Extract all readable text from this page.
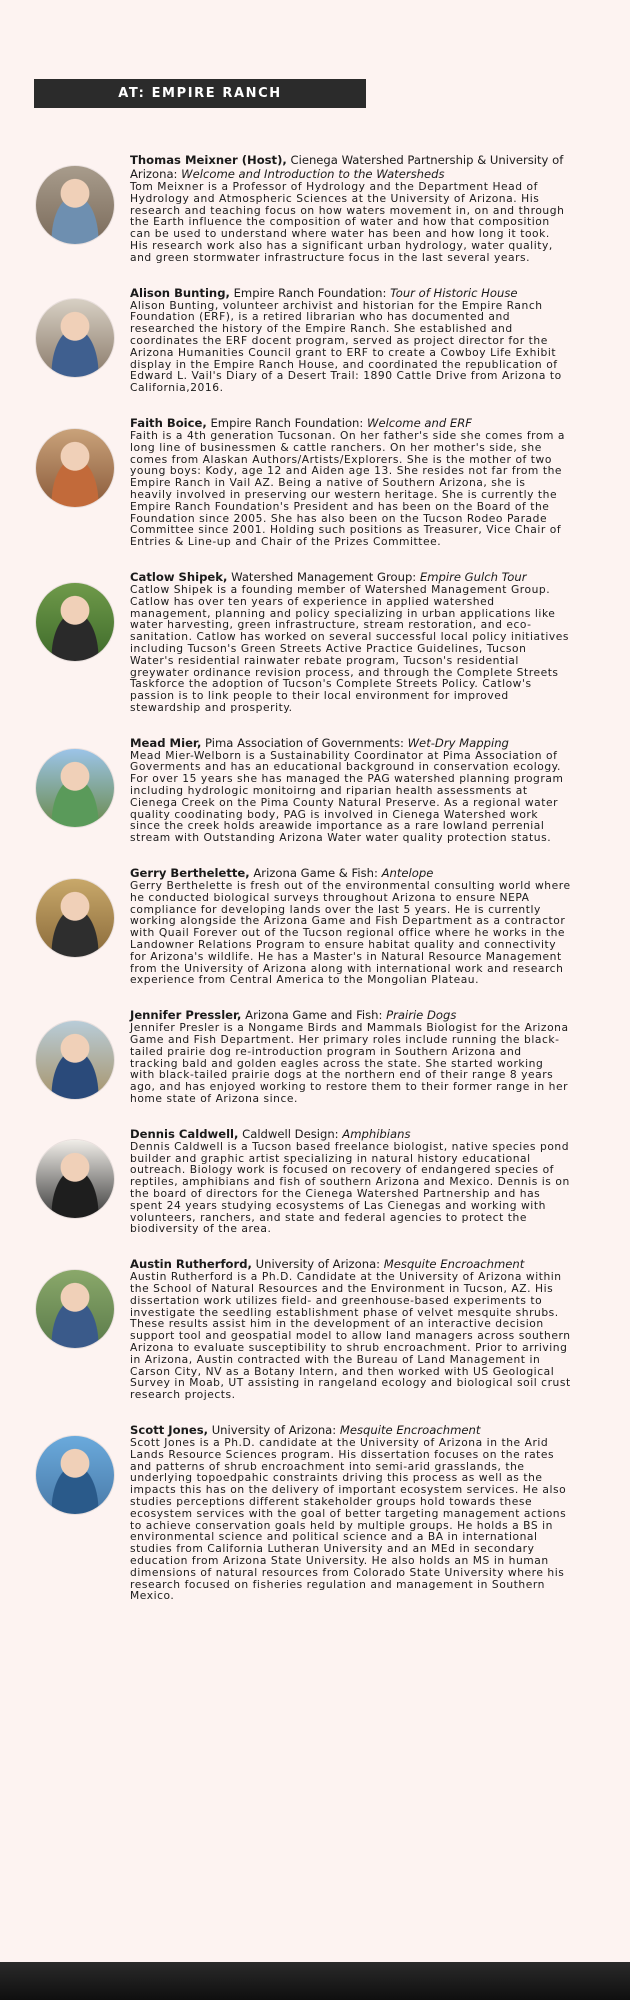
AT: EMPIRE RANCH

Thomas Meixner (Host), Cienega Watershed Partnership & University of Arizona: Welcome and Introduction to the Watersheds

Tom Meixner is a Professor of Hydrology and the Department Head of Hydrology and Atmospheric Sciences at the University of Arizona. His research and teaching focus on how waters movement in, on and through the Earth influence the composition of water and how that composition can be used to understand where water has been and how long it took. His research work also has a significant urban hydrology, water quality, and green stormwater infrastructure focus in the last several years.

Alison Bunting, Empire Ranch Foundation: Tour of Historic House

Alison Bunting, volunteer archivist and historian for the Empire Ranch Foundation (ERF), is a retired librarian who has documented and researched the history of the Empire Ranch. She established and coordinates the ERF docent program, served as project director for the Arizona Humanities Council grant to ERF to create a Cowboy Life Exhibit display in the Empire Ranch House, and coordinated the republication of Edward L. Vail's Diary of a Desert Trail: 1890 Cattle Drive from Arizona to California,2016.

Faith Boice, Empire Ranch Foundation: Welcome and ERF

Faith is a 4th generation Tucsonan. On her father's side she comes from a long line of businessmen & cattle ranchers. On her mother's side, she comes from Alaskan Authors/Artists/Explorers. She is the mother of two young boys: Kody, age 12 and Aiden age 13. She resides not far from the Empire Ranch in Vail AZ. Being a native of Southern Arizona, she is heavily involved in preserving our western heritage. She is currently the Empire Ranch Foundation's President and has been on the Board of the Foundation since 2005. She has also been on the Tucson Rodeo Parade Committee since 2001. Holding such positions as Treasurer, Vice Chair of Entries & Line-up and Chair of the Prizes Committee.

Catlow Shipek, Watershed Management Group: Empire Gulch Tour

Catlow Shipek is a founding member of Watershed Management Group. Catlow has over ten years of experience in applied watershed management, planning and policy specializing in urban applications like water harvesting, green infrastructure, stream restoration, and eco-sanitation. Catlow has worked on several successful local policy initiatives including Tucson's Green Streets Active Practice Guidelines, Tucson Water's residential rainwater rebate program, Tucson's residential greywater ordinance revision process, and through the Complete Streets Taskforce the adoption of Tucson's Complete Streets Policy. Catlow's passion is to link people to their local environment for improved stewardship and prosperity.

Mead Mier, Pima Association of Governments: Wet-Dry Mapping

Mead Mier-Welborn is a Sustainability Coordinator at Pima Association of Goverments and has an educational background in conservation ecology. For over 15 years she has managed the PAG watershed planning program including hydrologic monitoirng and riparian health assessments at Cienega Creek on the Pima County Natural Preserve. As a regional water quality coodinating body, PAG is involved in Cienega Watershed work since the creek holds areawide importance as a rare lowland perrenial stream with Outstanding Arizona Water water quality protection status.

Gerry Berthelette, Arizona Game & Fish: Antelope

Gerry Berthelette is fresh out of the environmental consulting world where he conducted biological surveys throughout Arizona to ensure NEPA compliance for developing lands over the last 5 years. He is currently working alongside the Arizona Game and Fish Department as a contractor with Quail Forever out of the Tucson regional office where he works in the Landowner Relations Program to ensure habitat quality and connectivity for Arizona's wildlife. He has a Master's in Natural Resource Management from the University of Arizona along with international work and research experience from Central America to the Mongolian Plateau.

Jennifer Pressler, Arizona Game and Fish: Prairie Dogs

Jennifer Presler is a Nongame Birds and Mammals Biologist for the Arizona Game and Fish Department. Her primary roles include running the black-tailed prairie dog re-introduction program in Southern Arizona and tracking bald and golden eagles across the state. She started working with black-tailed prairie dogs at the northern end of their range 8 years ago, and has enjoyed working to restore them to their former range in her home state of Arizona since.

Dennis Caldwell, Caldwell Design: Amphibians

Dennis Caldwell is a Tucson based freelance biologist, native species pond builder and graphic artist specializing in natural history educational outreach. Biology work is focused on recovery of endangered species of reptiles, amphibians and fish of southern Arizona and Mexico. Dennis is on the board of directors for the Cienega Watershed Partnership and has spent 24 years studying ecosystems of Las Cienegas and working with volunteers, ranchers, and state and federal agencies to protect the biodiversity of the area.

Austin Rutherford, University of Arizona: Mesquite Encroachment

Austin Rutherford is a Ph.D. Candidate at the University of Arizona within the School of Natural Resources and the Environment in Tucson, AZ. His dissertation work utilizes field- and greenhouse-based experiments to investigate the seedling establishment phase of velvet mesquite shrubs. These results assist him in the development of an interactive decision support tool and geospatial model to allow land managers across southern Arizona to evaluate susceptibility to shrub encroachment. Prior to arriving in Arizona, Austin contracted with the Bureau of Land Management in Carson City, NV as a Botany Intern, and then worked with US Geological Survey in Moab, UT assisting in rangeland ecology and biological soil crust research projects.

Scott Jones, University of Arizona: Mesquite Encroachment

Scott Jones is a Ph.D. candidate at the University of Arizona in the Arid Lands Resource Sciences program. His dissertation focuses on the rates and patterns of shrub encroachment into semi-arid grasslands, the underlying topoedpahic constraints driving this process as well as the impacts this has on the delivery of important ecosystem services. He also studies perceptions different stakeholder groups hold towards these ecosystem services with the goal of better targeting management actions to achieve conservation goals held by multiple groups. He holds a BS in environmental science and political science and a BA in international studies from California Lutheran University and an MEd in secondary education from Arizona State University. He also holds an MS in human dimensions of natural resources from Colorado State University where his research focused on fisheries regulation and management in Southern Mexico.
